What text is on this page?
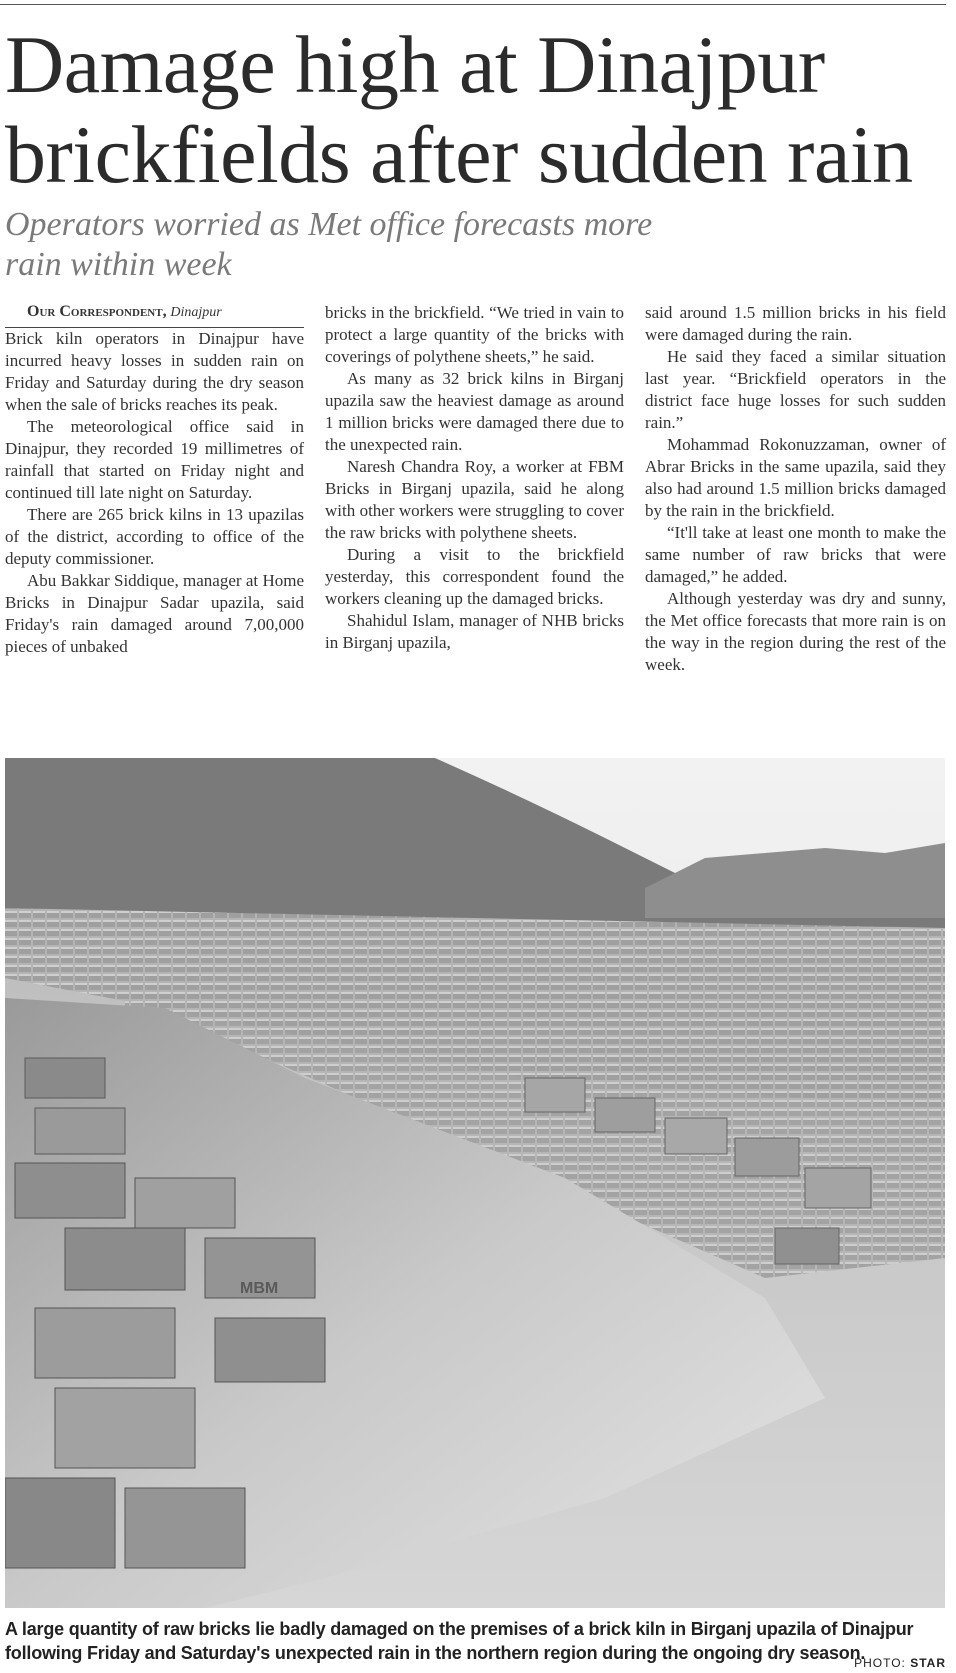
Damage high at Dinajpur brickfields after sudden rain
Operators worried as Met office forecasts more rain within week

Our Correspondent, Dinajpur

Brick kiln operators in Dinajpur have incurred heavy losses in sudden rain on Friday and Saturday during the dry season when the sale of bricks reaches its peak.

The meteorological office said in Dinajpur, they recorded 19 millimetres of rainfall that started on Friday night and continued till late night on Saturday.

There are 265 brick kilns in 13 upazilas of the district, according to office of the deputy commissioner.

Abu Bakkar Siddique, manager at Home Bricks in Dinajpur Sadar upazila, said Friday's rain damaged around 7,00,000 pieces of unbaked

bricks in the brickfield. “We tried in vain to protect a large quantity of the bricks with coverings of polythene sheets,” he said.

As many as 32 brick kilns in Birganj upazila saw the heaviest damage as around 1 million bricks were damaged there due to the unexpected rain.

Naresh Chandra Roy, a worker at FBM Bricks in Birganj upazila, said he along with other workers were struggling to cover the raw bricks with polythene sheets.

During a visit to the brickfield yesterday, this correspondent found the workers cleaning up the damaged bricks.

Shahidul Islam, manager of NHB bricks in Birganj upazila,

said around 1.5 million bricks in his field were damaged during the rain.

He said they faced a similar situation last year. “Brickfield operators in the district face huge losses for such sudden rain.”

Mohammad Rokonuzzaman, owner of Abrar Bricks in the same upazila, said they also had around 1.5 million bricks damaged by the rain in the brickfield.

“It'll take at least one month to make the same number of raw bricks that were damaged,” he added.

Although yesterday was dry and sunny, the Met office forecasts that more rain is on the way in the region during the rest of the week.

MBM

A large quantity of raw bricks lie badly damaged on the premises of a brick kiln in Birganj upazila of Dinajpur following Friday and Saturday's unexpected rain in the northern region during the ongoing dry season.

PHOTO: STAR
